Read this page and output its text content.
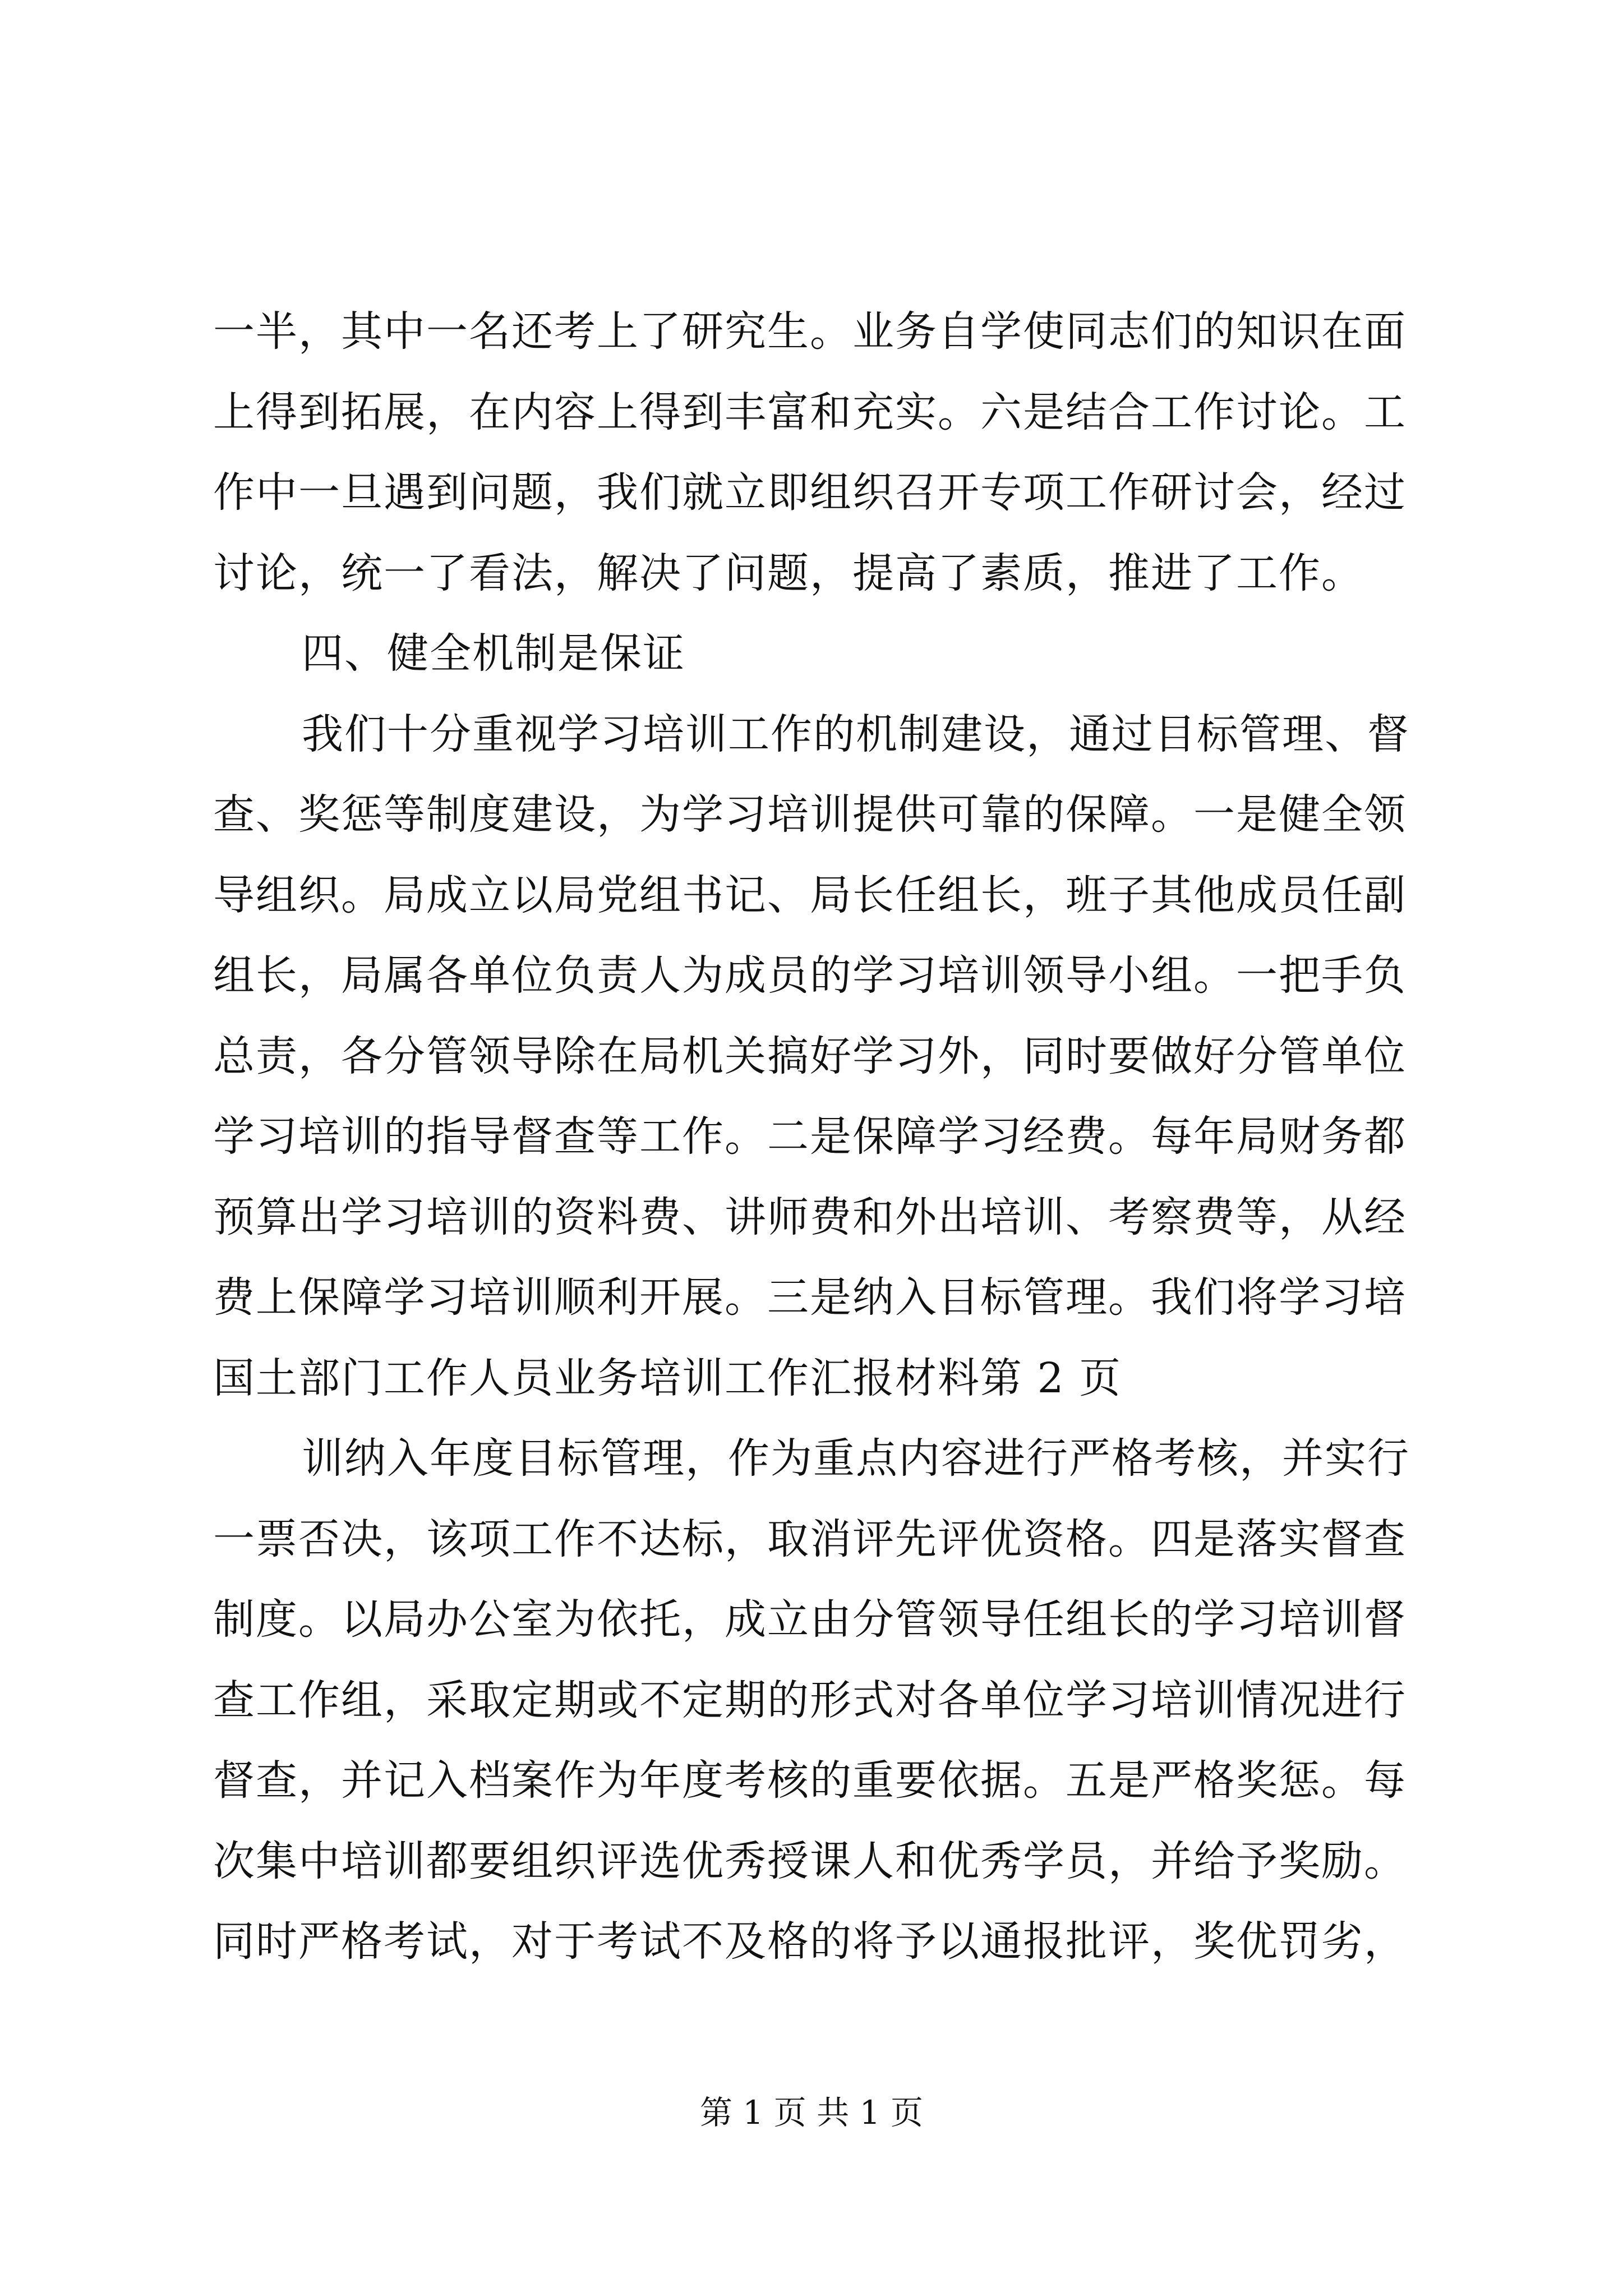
一半，其中一名还考上了研究生。业务自学使同志们的知识在面
上得到拓展，在内容上得到丰富和充实。六是结合工作讨论。工
作中一旦遇到问题，我们就立即组织召开专项工作研讨会，经过
讨论，统一了看法，解决了问题，提高了素质，推进了工作。
四、健全机制是保证
我们十分重视学习培训工作的机制建设，通过目标管理、督
查、奖惩等制度建设，为学习培训提供可靠的保障。一是健全领
导组织。局成立以局党组书记、局长任组长，班子其他成员任副
组长，局属各单位负责人为成员的学习培训领导小组。一把手负
总责，各分管领导除在局机关搞好学习外，同时要做好分管单位
学习培训的指导督查等工作。二是保障学习经费。每年局财务都
预算出学习培训的资料费、讲师费和外出培训、考察费等，从经
费上保障学习培训顺利开展。三是纳入目标管理。我们将学习培
国土部门工作人员业务培训工作汇报材料第 2 页
训纳入年度目标管理，作为重点内容进行严格考核，并实行
一票否决，该项工作不达标，取消评先评优资格。四是落实督查
制度。以局办公室为依托，成立由分管领导任组长的学习培训督
查工作组，采取定期或不定期的形式对各单位学习培训情况进行
督查，并记入档案作为年度考核的重要依据。五是严格奖惩。每
次集中培训都要组织评选优秀授课人和优秀学员，并给予奖励。
同时严格考试，对于考试不及格的将予以通报批评，奖优罚劣，
第 1 页 共 1 页
